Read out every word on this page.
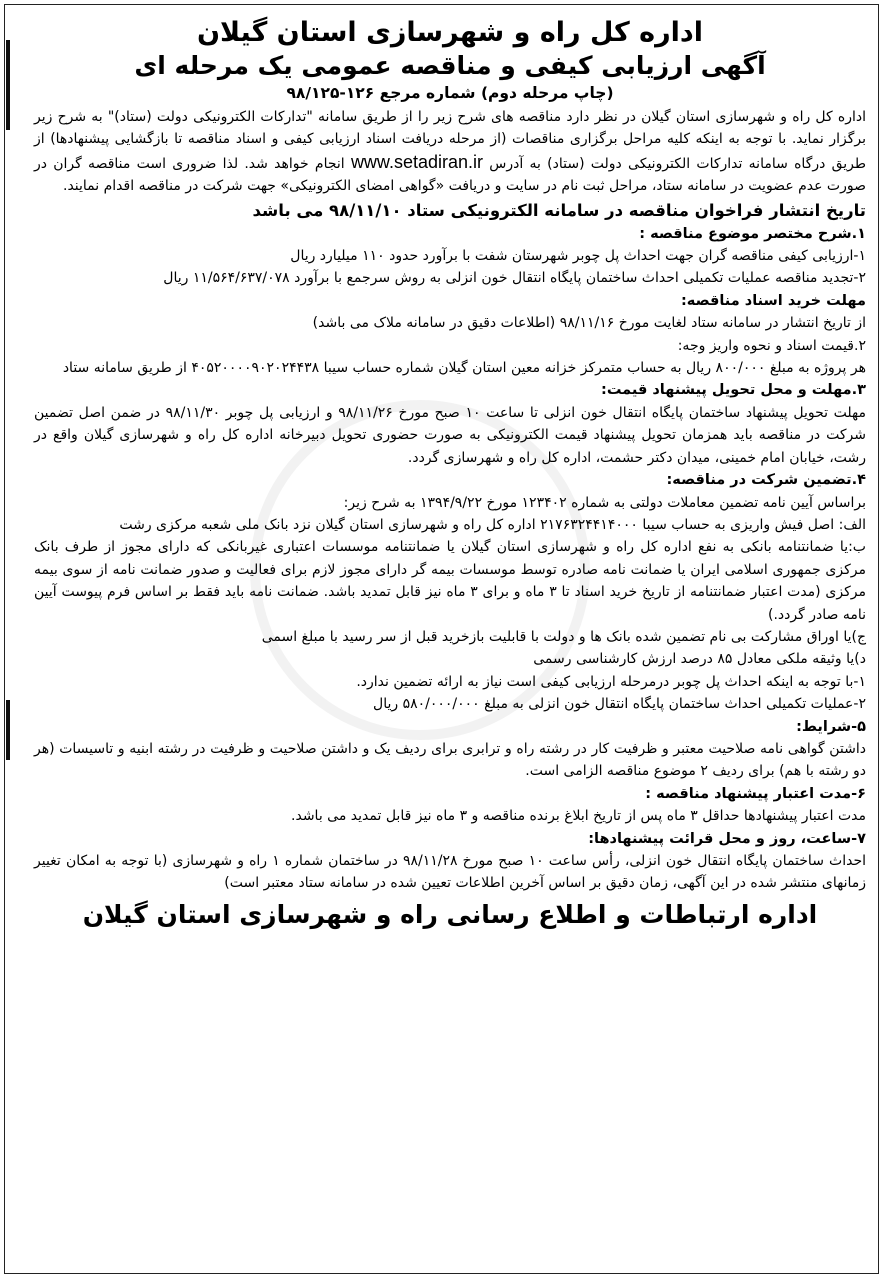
اداره کل راه و شهرسازی استان گیلان
آگهی ارزیابی کیفی و مناقصه عمومی یک مرحله ای
(چاپ مرحله دوم) شماره مرجع ۱۲۶-۹۸/۱۲۵

اداره کل راه و شهرسازی استان گیلان در نظر دارد مناقصه های شرح زیر را از طریق سامانه "تدارکات الکترونیکی دولت (ستاد)" به شرح زیر برگزار نماید. با توجه به اینکه کلیه مراحل برگزاری مناقصات (از مرحله دریافت اسناد ارزیابی کیفی و اسناد مناقصه تا بازگشایی پیشنهادها) از طریق درگاه سامانه تدارکات الکترونیکی دولت (ستاد) به آدرس www.setadiran.ir انجام خواهد شد. لذا ضروری است مناقصه گران در صورت عدم عضویت در سامانه ستاد، مراحل ثبت نام در سایت و دریافت «گواهی امضای الکترونیکی» جهت شرکت در مناقصه اقدام نمایند.

تاریخ انتشار فراخوان مناقصه در سامانه الکترونیکی ستاد ۹۸/۱۱/۱۰ می باشد

۱.شرح مختصر موضوع مناقصه :

۱-ارزیابی کیفی مناقصه گران جهت احداث پل چوبر شهرستان شفت با برآورد حدود ۱۱۰ میلیارد ریال

۲-تجدید مناقصه عملیات تکمیلی احداث ساختمان پایگاه انتقال خون انزلی به روش سرجمع با برآورد ۱۱/۵۶۴/۶۳۷/۰۷۸ ریال

مهلت خرید اسناد مناقصه:

از تاریخ انتشار در سامانه ستاد لغایت مورخ ۹۸/۱۱/۱۶ (اطلاعات دقیق در سامانه ملاک می باشد)

۲.قیمت اسناد و نحوه واریز وجه:

هر پروژه به مبلغ ۸۰۰/۰۰۰ ریال به حساب متمرکز خزانه معین استان گیلان شماره حساب سیبا ۴۰۵۲۰۰۰۰۹۰۲۰۲۴۴۳۸ از طریق سامانه ستاد

۳.مهلت و محل تحویل پیشنهاد قیمت:

مهلت تحویل پیشنهاد ساختمان پایگاه انتقال خون انزلی تا ساعت ۱۰ صبح مورخ ۹۸/۱۱/۲۶ و ارزیابی پل چوبر ۹۸/۱۱/۳۰ در ضمن اصل تضمین شرکت در مناقصه باید همزمان تحویل پیشنهاد قیمت الکترونیکی به صورت حضوری تحویل دبیرخانه اداره کل راه و شهرسازی گیلان واقع در رشت، خیابان امام خمینی، میدان دکتر حشمت، اداره کل راه و شهرسازی گردد.

۴.تضمین شرکت در مناقصه:

براساس آیین نامه تضمین معاملات دولتی به شماره ۱۲۳۴۰۲ مورخ ۱۳۹۴/۹/۲۲ به شرح زیر:

الف: اصل فیش واریزی به حساب سیبا ۲۱۷۶۳۲۴۴۱۴۰۰۰ اداره کل راه و شهرسازی استان گیلان نزد بانک ملی شعبه مرکزی رشت

ب:یا ضمانتنامه بانکی به نفع اداره کل راه و شهرسازی استان گیلان یا ضمانتنامه موسسات اعتباری غیربانکی که دارای مجوز از طرف بانک مرکزی جمهوری اسلامی ایران یا ضمانت نامه صادره توسط موسسات بیمه گر دارای مجوز لازم برای فعالیت و صدور ضمانت نامه از سوی بیمه مرکزی (مدت اعتبار ضمانتنامه از تاریخ خرید اسناد تا ۳ ماه و برای ۳ ماه نیز قابل تمدید باشد. ضمانت نامه باید فقط بر اساس فرم پیوست آیین نامه صادر گردد.)

ج)یا اوراق مشارکت بی نام تضمین شده بانک ها و دولت با قابلیت بازخرید قبل از سر رسید با مبلغ اسمی

د)یا وثیقه ملکی معادل ۸۵ درصد ارزش کارشناسی رسمی

۱-با توجه به اینکه احداث پل چوبر درمرحله ارزیابی کیفی است نیاز به ارائه تضمین ندارد.

۲-عملیات تکمیلی احداث ساختمان پایگاه انتقال خون انزلی به مبلغ ۵۸۰/۰۰۰/۰۰۰ ریال

۵-شرایط:

داشتن گواهی نامه صلاحیت معتبر و ظرفیت کار در رشته راه و ترابری برای ردیف یک و داشتن صلاحیت و ظرفیت در رشته ابنیه و تاسیسات (هر دو رشته با هم) برای ردیف ۲ موضوع مناقصه الزامی است.

۶-مدت اعتبار پیشنهاد مناقصه :

مدت اعتبار پیشنهادها حداقل ۳ ماه پس از تاریخ ابلاغ برنده مناقصه و ۳ ماه نیز قابل تمدید می باشد.

۷-ساعت، روز و محل قرائت پیشنهادها:

احداث ساختمان پایگاه انتقال خون انزلی، رأس ساعت ۱۰ صبح مورخ ۹۸/۱۱/۲۸ در ساختمان شماره ۱ راه و شهرسازی (با توجه به امکان تغییر زمانهای منتشر شده در این آگهی، زمان دقیق بر اساس آخرین اطلاعات تعیین شده در سامانه ستاد معتبر است)

اداره ارتباطات و اطلاع رسانی راه و شهرسازی استان گیلان
